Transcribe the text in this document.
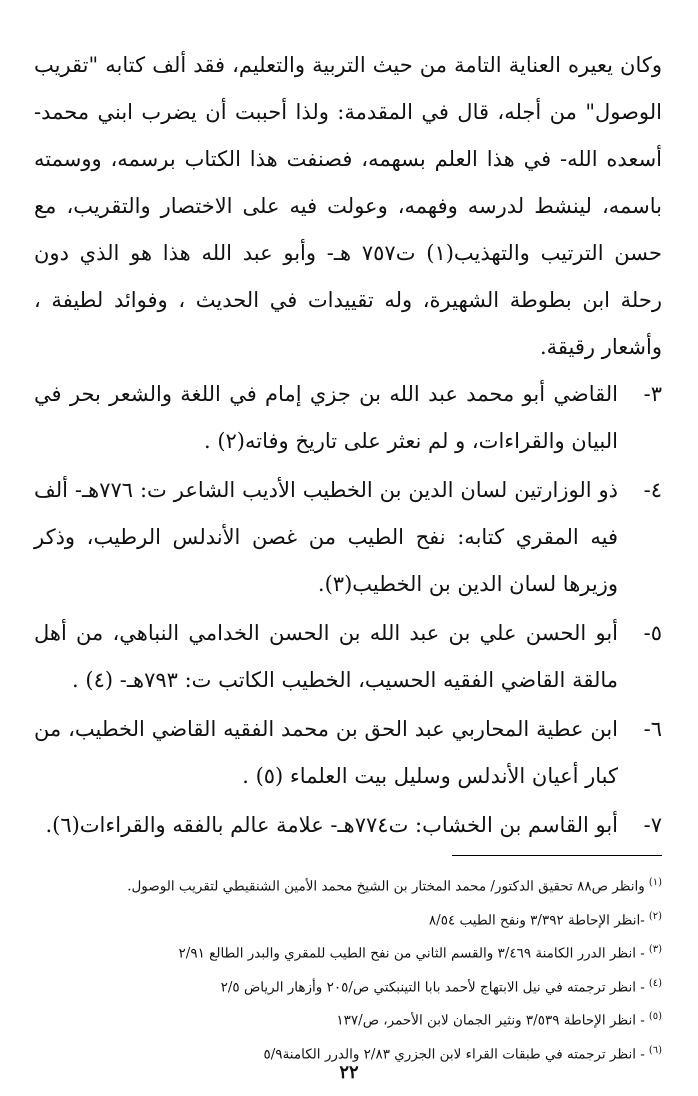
وكان يعيره العناية التامة من حيث التربية والتعليم، فقد ألف كتابه "تقريب الوصول" من أجله، قال في المقدمة: ولذا أحببت أن يضرب ابني محمد- أسعده الله- في هذا العلم بسهمه، فصنفت هذا الكتاب برسمه، ووسمته باسمه، لينشط لدرسه وفهمه، وعولت فيه على الاختصار والتقريب، مع حسن الترتيب والتهذيب(١) ت٧٥٧ هـ- وأبو عبد الله هذا هو الذي دون رحلة ابن بطوطة الشهيرة، وله تقييدات في الحديث ، وفوائد لطيفة ، وأشعار رقيقة.

٣-
القاضي أبو محمد عبد الله بن جزي إمام في اللغة والشعر بحر في البيان والقراءات، و لم نعثر على تاريخ وفاته(٢) .

٤-
ذو الوزارتين لسان الدين بن الخطيب الأديب الشاعر ت: ٧٧٦هـ- ألف فيه المقري كتابه: نفح الطيب من غصن الأندلس الرطيب، وذكر وزيرها لسان الدين بن الخطيب(٣).

٥-
أبو الحسن علي بن عبد الله بن الحسن الخدامي النباهي، من أهل مالقة القاضي الفقيه الحسيب، الخطيب الكاتب ت: ٧٩٣هـ- (٤) .

٦-
ابن عطية المحاربي عبد الحق بن محمد الفقيه القاضي الخطيب، من كبار أعيان الأندلس وسليل بيت العلماء (٥) .

٧-
أبو القاسم بن الخشاب: ت٧٧٤هـ- علامة عالم بالفقه والقراءات(٦).

$^{(١)}$وانظر ص٨٨ تحقيق الدكتور/ محمد المختار بن الشيخ محمد الأمين الشنقيطي لتقريب الوصول.

$^{(٢)}$-انظر الإحاطة ٣/٣٩٢ ونفح الطيب ٨/٥٤

$^{(٣)}$- انظر الدرر الكامنة ٣/٤٦٩ والقسم الثاني من نفح الطيب للمقري والبدر الطالع ٢/٩١

$^{(٤)}$- انظر ترجمته في نيل الابتهاج لأحمد بابا التينبكتي ص/٢٠٥ وأزهار الرياض ٢/٥

$^{(٥)}$- انظر الإحاطة ٣/٥٣٩ ونثير الجمان لابن الأحمر، ص/١٣٧

$^{(٦)}$- انظر ترجمته في طبقات القراء لابن الجزري ٢/٨٣ والدرر الكامنة٥/٩

٢٢
